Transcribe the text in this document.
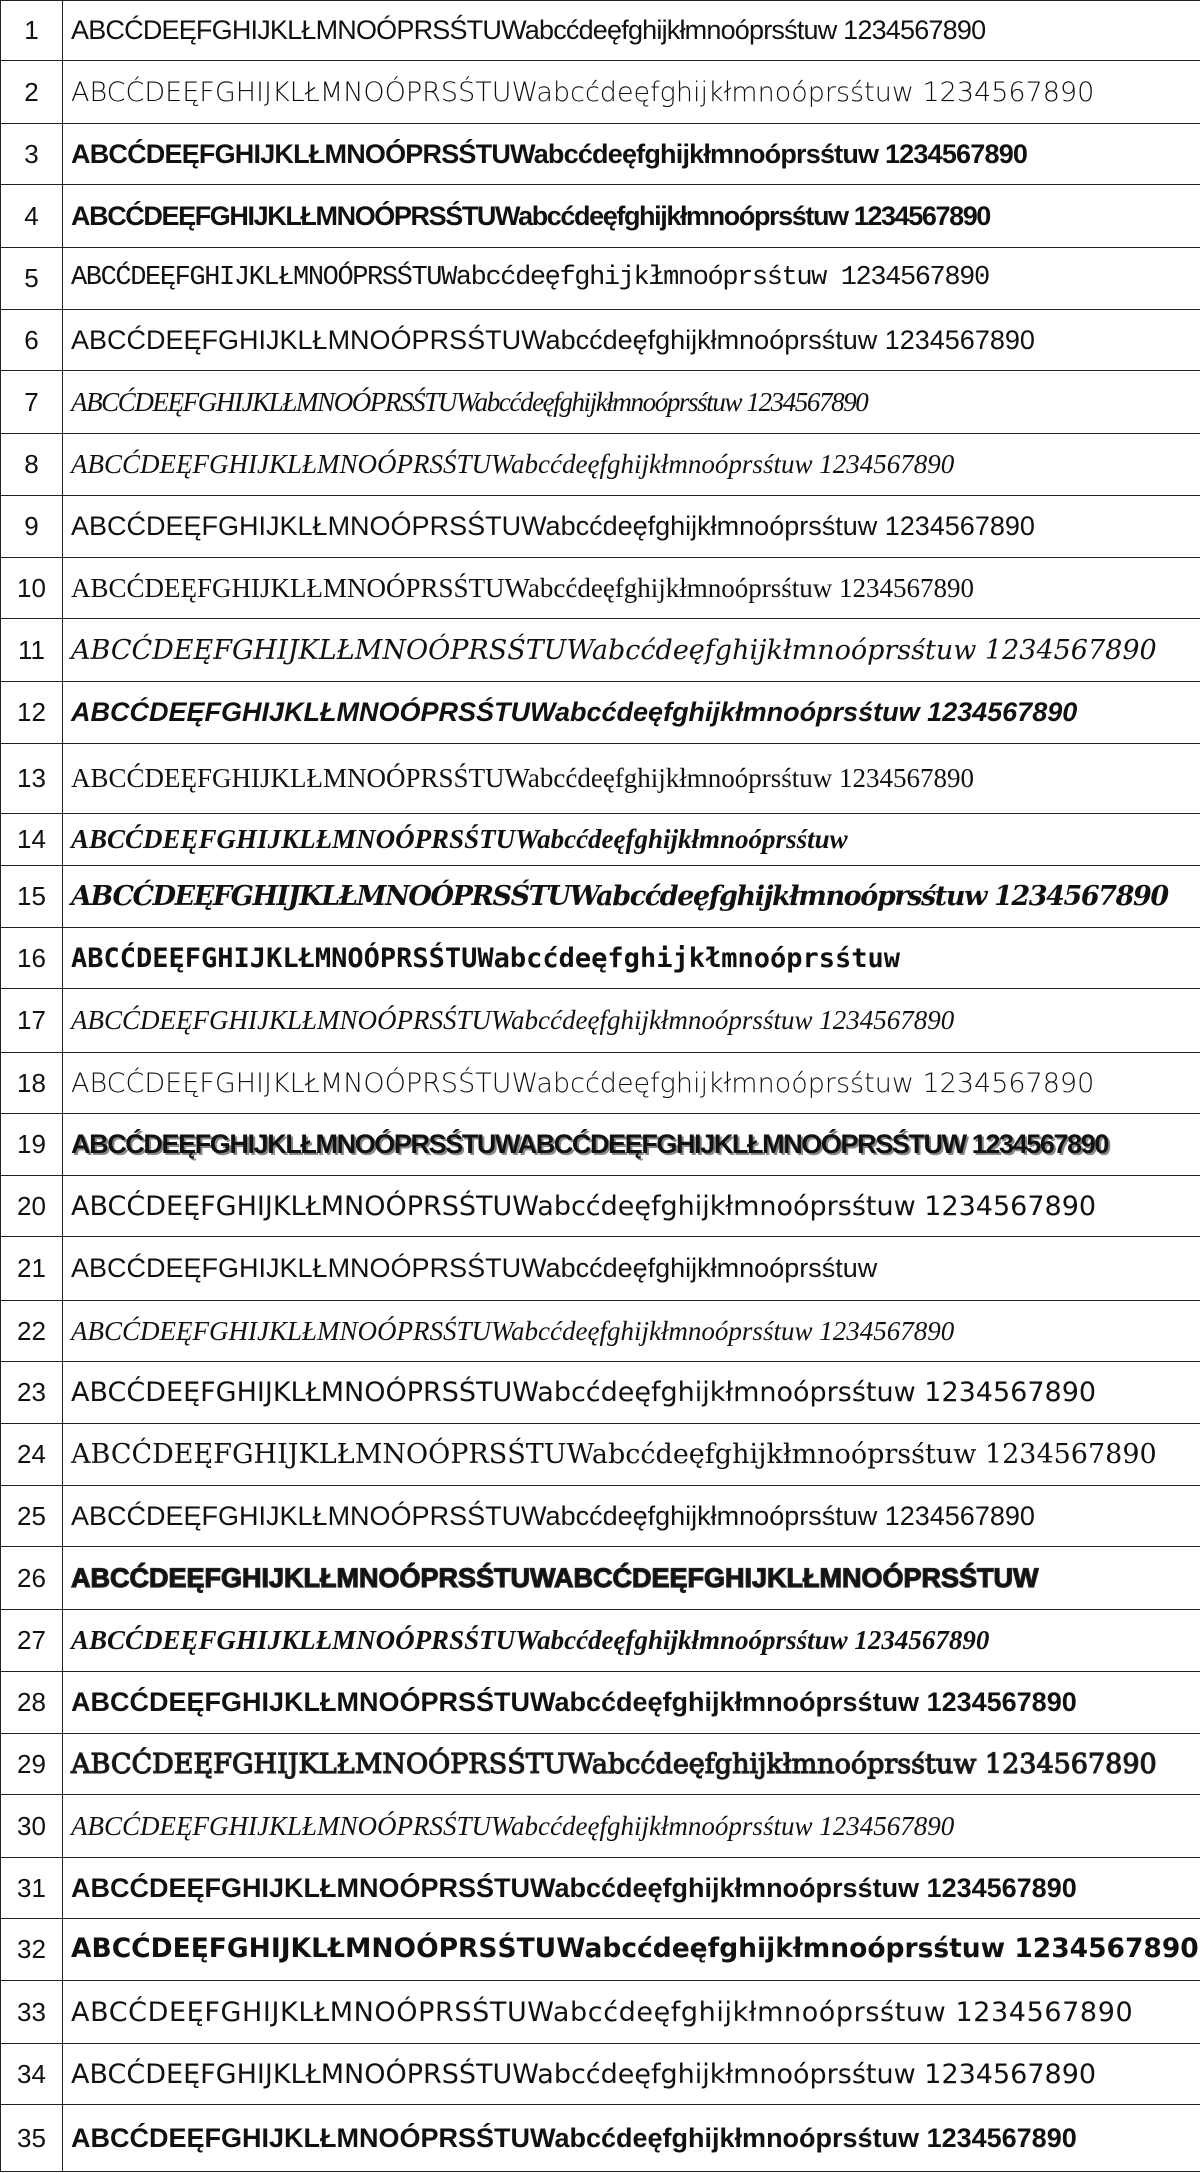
1	ABCĆDEĘFGHIJKLŁMNOÓPRSŚTUWabcćdeęfghijkłmnoóprsśtuw 1234567890
2	ABCĆDEĘFGHIJKLŁMNOÓPRSŚTUWabcćdeęfghijkłmnoóprsśtuw 1234567890
3	ABCĆDEĘFGHIJKLŁMNOÓPRSŚTUWabcćdeęfghijkłmnoóprsśtuw 1234567890
4	ABCĆDEĘFGHIJKLŁMNOÓPRSŚTUWabcćdeęfghijkłmnoóprsśtuw 1234567890
5	ABCĆDEĘFGHIJKLŁMNOÓPRSŚTUWabcćdeęfghijkłmnoóprsśtuw 1234567890
6	ABCĆDEĘFGHIJKLŁMNOÓPRSŚTUWabcćdeęfghijkłmnoóprsśtuw 1234567890
7	ABCĆDEĘFGHIJKLŁMNOÓPRSŚTUWabcćdeęfghijkłmnoóprsśtuw 1234567890
8	ABCĆDEĘFGHIJKLŁMNOÓPRSŚTUWabcćdeęfghijkłmnoóprsśtuw 1234567890
9	ABCĆDEĘFGHIJKLŁMNOÓPRSŚTUWabcćdeęfghijkłmnoóprsśtuw 1234567890
10	ABCĆDEĘFGHIJKLŁMNOÓPRSŚTUWabcćdeęfghijkłmnoóprsśtuw 1234567890
11	ABCĆDEĘFGHIJKLŁMNOÓPRSŚTUWabcćdeęfghijkłmnoóprsśtuw 1234567890
12	ABCĆDEĘFGHIJKLŁMNOÓPRSŚTUWabcćdeęfghijkłmnoóprsśtuw 1234567890
13	ABCĆDEĘFGHIJKLŁMNOÓPRSŚTUWabcćdeęfghijkłmnoóprsśtuw 1234567890
14	ABCĆDEĘFGHIJKLŁMNOÓPRSŚTUWabcćdeęfghijkłmnoóprsśtuw
15	ABCĆDEĘFGHIJKLŁMNOÓPRSŚTUWabcćdeęfghijkłmnoóprsśtuw 1234567890
16	ABCĆDEĘFGHIJKLŁMNOÓPRSŚTUWabcćdeęfghijkłmnoóprsśtuw
17	ABCĆDEĘFGHIJKLŁMNOÓPRSŚTUWabcćdeęfghijkłmnoóprsśtuw 1234567890
18	ABCĆDEĘFGHIJKLŁMNOÓPRSŚTUWabcćdeęfghijkłmnoóprsśtuw 1234567890
19	ABCĆDEĘFGHIJKLŁMNOÓPRSŚTUWABCĆDEĘFGHIJKLŁMNOÓPRSŚTUW 1234567890
20	ABCĆDEĘFGHIJKLŁMNOÓPRSŚTUWabcćdeęfghijkłmnoóprsśtuw 1234567890
21	ABCĆDEĘFGHIJKLŁMNOÓPRSŚTUWabcćdeęfghijkłmnoóprsśtuw
22	ABCĆDEĘFGHIJKLŁMNOÓPRSŚTUWabcćdeęfghijkłmnoóprsśtuw 1234567890
23	ABCĆDEĘFGHIJKLŁMNOÓPRSŚTUWabcćdeęfghijkłmnoóprsśtuw 1234567890
24	ABCĆDEĘFGHIJKLŁMNOÓPRSŚTUWabcćdeęfghijkłmnoóprsśtuw 1234567890
25	ABCĆDEĘFGHIJKLŁMNOÓPRSŚTUWabcćdeęfghijkłmnoóprsśtuw 1234567890
26	ABCĆDEĘFGHIJKLŁMNOÓPRSŚTUWABCĆDEĘFGHIJKLŁMNOÓPRSŚTUW
27	ABCĆDEĘFGHIJKLŁMNOÓPRSŚTUWabcćdeęfghijkłmnoóprsśtuw 1234567890
28	ABCĆDEĘFGHIJKLŁMNOÓPRSŚTUWabcćdeęfghijkłmnoóprsśtuw 1234567890
29	ABCĆDEĘFGHIJKLŁMNOÓPRSŚTUWabcćdeęfghijkłmnoóprsśtuw 1234567890
30	ABCĆDEĘFGHIJKLŁMNOÓPRSŚTUWabcćdeęfghijkłmnoóprsśtuw 1234567890
31	ABCĆDEĘFGHIJKLŁMNOÓPRSŚTUWabcćdeęfghijkłmnoóprsśtuw 1234567890
32	ABCĆDEĘFGHIJKLŁMNOÓPRSŚTUWabcćdeęfghijkłmnoóprsśtuw 1234567890
33	ABCĆDEĘFGHIJKLŁMNOÓPRSŚTUWabcćdeęfghijkłmnoóprsśtuw 1234567890
34	ABCĆDEĘFGHIJKLŁMNOÓPRSŚTUWabcćdeęfghijkłmnoóprsśtuw 1234567890
35	ABCĆDEĘFGHIJKLŁMNOÓPRSŚTUWabcćdeęfghijkłmnoóprsśtuw 1234567890
